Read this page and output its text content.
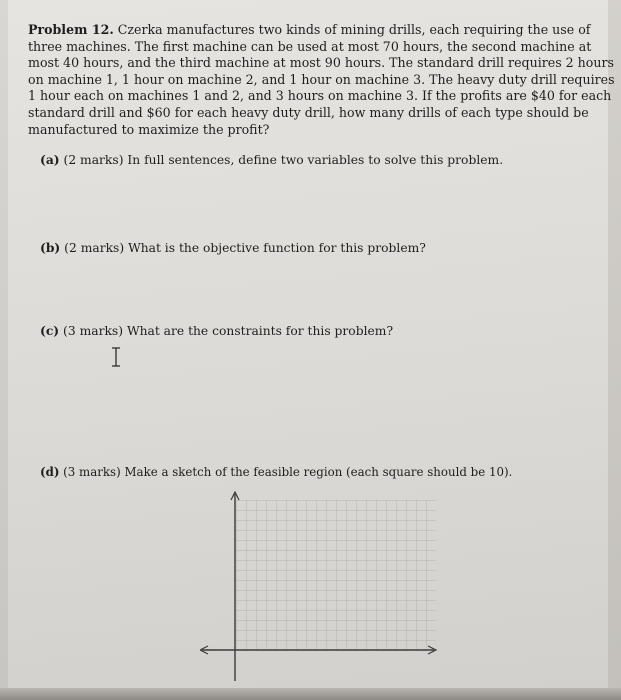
Problem 12. Czerka manufactures two kinds of mining drills, each requiring the use of
three machines. The first machine can be used at most 70 hours, the second machine at
most 40 hours, and the third machine at most 90 hours. The standard drill requires 2 hours
on machine 1, 1 hour on machine 2, and 1 hour on machine 3. The heavy duty drill requires
1 hour each on machines 1 and 2, and 3 hours on machine 3. If the profits are $40 for each
standard drill and $60 for each heavy duty drill, how many drills of each type should be
manufactured to maximize the profit?
(a) (2 marks) In full sentences, define two variables to solve this problem.
(b) (2 marks) What is the objective function for this problem?
(c) (3 marks) What are the constraints for this problem?
(d) (3 marks) Make a sketch of the feasible region (each square should be 10).
